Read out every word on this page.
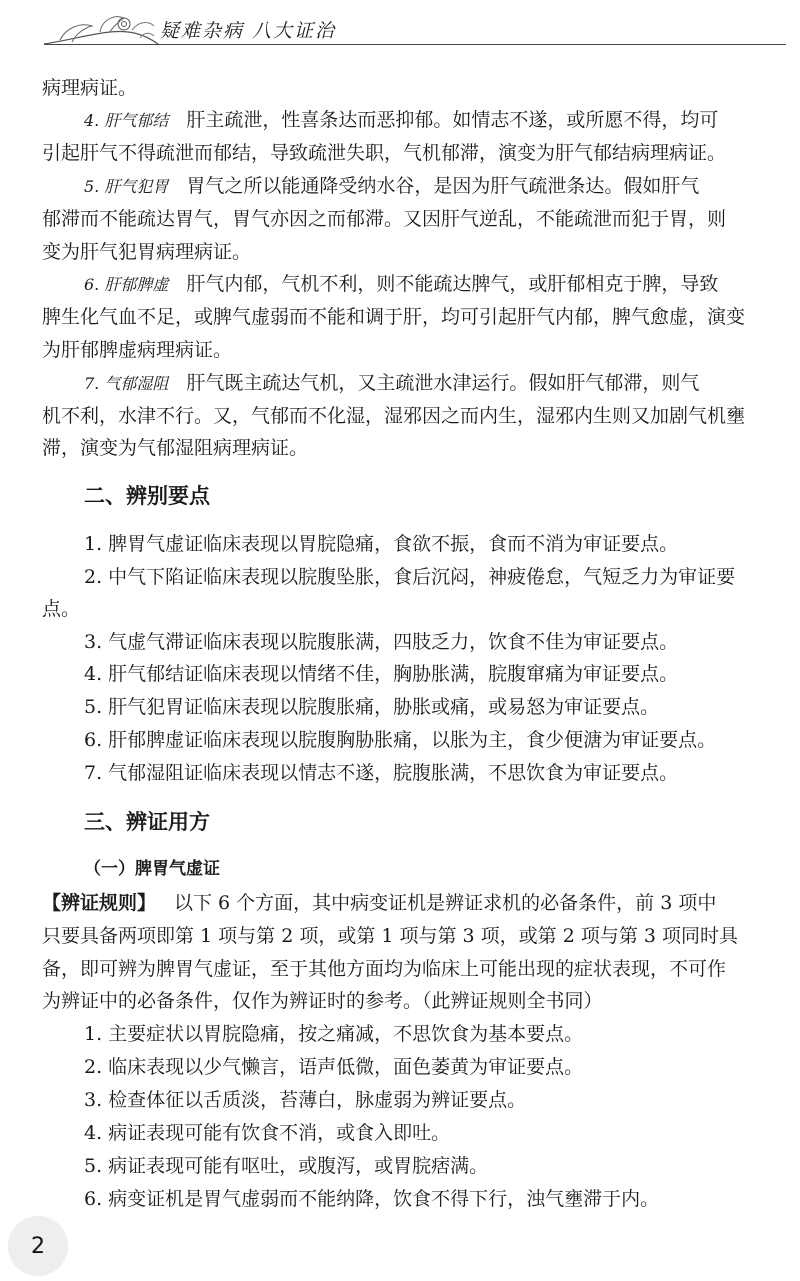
疑难杂病 八大证治
病理病证。
4. 肝气郁结 肝主疏泄，性喜条达而恶抑郁。如情志不遂，或所愿不得，均可
引起肝气不得疏泄而郁结，导致疏泄失职，气机郁滞，演变为肝气郁结病理病证。
5. 肝气犯胃 胃气之所以能通降受纳水谷，是因为肝气疏泄条达。假如肝气
郁滞而不能疏达胃气，胃气亦因之而郁滞。又因肝气逆乱，不能疏泄而犯于胃，则
变为肝气犯胃病理病证。
6. 肝郁脾虚 肝气内郁，气机不利，则不能疏达脾气，或肝郁相克于脾，导致
脾生化气血不足，或脾气虚弱而不能和调于肝，均可引起肝气内郁，脾气愈虚，演变
为肝郁脾虚病理病证。
7. 气郁湿阻 肝气既主疏达气机，又主疏泄水津运行。假如肝气郁滞，则气
机不利，水津不行。又，气郁而不化湿，湿邪因之而内生，湿邪内生则又加剧气机壅
滞，演变为气郁湿阻病理病证。
二、辨别要点
1. 脾胃气虚证临床表现以胃脘隐痛，食欲不振，食而不消为审证要点。
2. 中气下陷证临床表现以脘腹坠胀，食后沉闷，神疲倦怠，气短乏力为审证要
点。
3. 气虚气滞证临床表现以脘腹胀满，四肢乏力，饮食不佳为审证要点。
4. 肝气郁结证临床表现以情绪不佳，胸胁胀满，脘腹窜痛为审证要点。
5. 肝气犯胃证临床表现以脘腹胀痛，胁胀或痛，或易怒为审证要点。
6. 肝郁脾虚证临床表现以脘腹胸胁胀痛，以胀为主，食少便溏为审证要点。
7. 气郁湿阻证临床表现以情志不遂，脘腹胀满，不思饮食为审证要点。
三、辨证用方
（一）脾胃气虚证
【辨证规则】 以下 6 个方面，其中病变证机是辨证求机的必备条件，前 3 项中
只要具备两项即第 1 项与第 2 项，或第 1 项与第 3 项，或第 2 项与第 3 项同时具
备，即可辨为脾胃气虚证，至于其他方面均为临床上可能出现的症状表现，不可作
为辨证中的必备条件，仅作为辨证时的参考。（此辨证规则全书同）
1. 主要症状以胃脘隐痛，按之痛减，不思饮食为基本要点。
2. 临床表现以少气懒言，语声低微，面色萎黄为审证要点。
3. 检查体征以舌质淡，苔薄白，脉虚弱为辨证要点。
4. 病证表现可能有饮食不消，或食入即吐。
5. 病证表现可能有呕吐，或腹泻，或胃脘痞满。
6. 病变证机是胃气虚弱而不能纳降，饮食不得下行，浊气壅滞于内。
2
